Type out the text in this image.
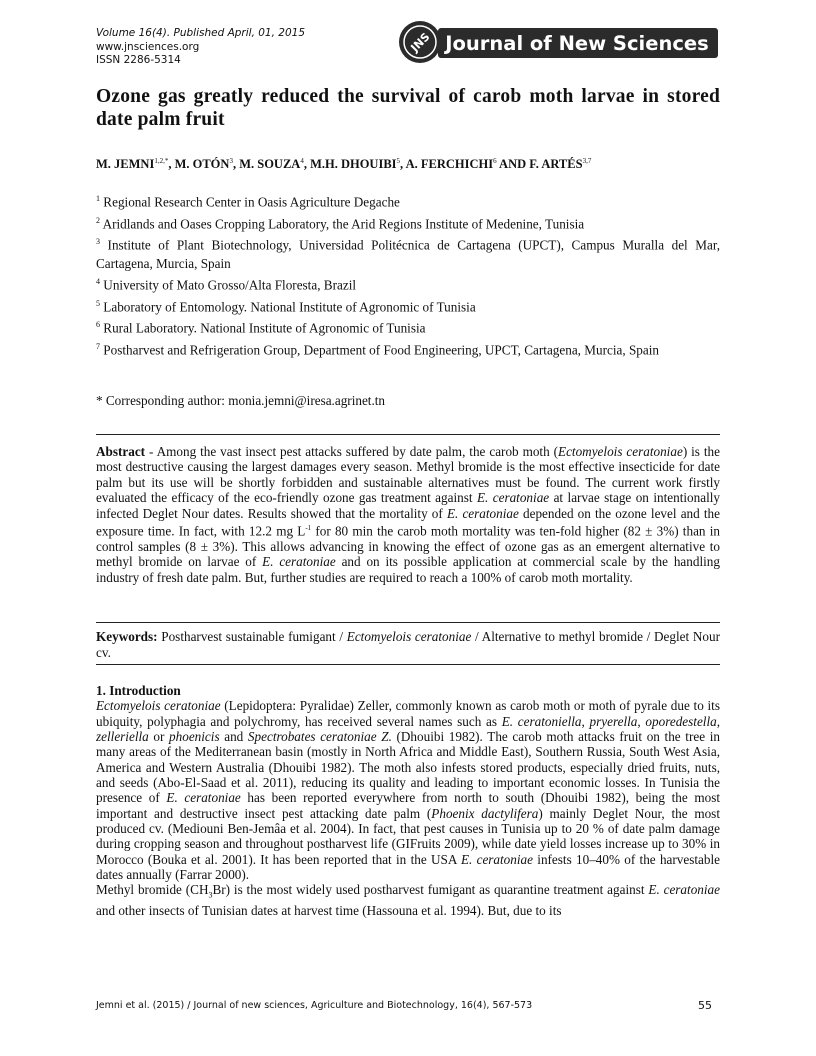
Volume 16(4). Published April, 01, 2015
www.jnsciences.org
ISSN 2286-5314
JNS Journal of New Sciences
Ozone gas greatly reduced the survival of carob moth larvae in stored date palm fruit
M. $JEMNI^{1,2,*}$, M. OTÓN$^3$, M. SOUZA$^4$, M.H. DHOUIBI$^5$, A. FERCHICHI$^6$ AND F. ARTÉS$^{3,7}$
$^1$ Regional Research Center in Oasis Agriculture Degache
$^2$ Aridlands and Oases Cropping Laboratory, the Arid Regions Institute of Medenine, Tunisia
$^3$ Institute of Plant Biotechnology, Universidad Politécnica de Cartagena (UPCT), Campus Muralla del Mar, Cartagena, Murcia, Spain
$^4$ University of Mato Grosso/Alta Floresta, Brazil
$^5$ Laboratory of Entomology. National Institute of Agronomic of Tunisia
$^6$ Rural Laboratory. National Institute of Agronomic of Tunisia
$^7$ Postharvest and Refrigeration Group, Department of Food Engineering, UPCT, Cartagena, Murcia, Spain
* Corresponding author: monia.jemni@iresa.agrinet.tn
Abstract - Among the vast insect pest attacks suffered by date palm, the carob moth (Ectomyelois ceratoniae) is the most destructive causing the largest damages every season. Methyl bromide is the most effective insecticide for date palm but its use will be shortly forbidden and sustainable alternatives must be found. The current work firstly evaluated the efficacy of the eco-friendly ozone gas treatment against E. ceratoniae at larvae stage on intentionally infected Deglet Nour dates. Results showed that the mortality of E. ceratoniae depended on the ozone level and the exposure time. In fact, with 12.2 mg $L^{-1}$ for 80 min the carob moth mortality was ten-fold higher (82 ± 3%) than in control samples (8 ± 3%). This allows advancing in knowing the effect of ozone gas as an emergent alternative to methyl bromide on larvae of E. ceratoniae and on its possible application at commercial scale by the handling industry of fresh date palm. But, further studies are required to reach a 100% of carob moth mortality.
Keywords: Postharvest sustainable fumigant / Ectomyelois ceratoniae / Alternative to methyl bromide / Deglet Nour cv.
1. Introduction

Ectomyelois ceratoniae (Lepidoptera: Pyralidae) Zeller, commonly known as carob moth or moth of pyrale due to its ubiquity, polyphagia and polychromy, has received several names such as E. ceratoniella, pryerella, oporedestella, zelleriella or phoenicis and Spectrobates ceratoniae Z. (Dhouibi 1982). The carob moth attacks fruit on the tree in many areas of the Mediterranean basin (mostly in North Africa and Middle East), Southern Russia, South West Asia, America and Western Australia (Dhouibi 1982). The moth also infests stored products, especially dried fruits, nuts, and seeds (Abo-El-Saad et al. 2011), reducing its quality and leading to important economic losses. In Tunisia the presence of E. ceratoniae has been reported everywhere from north to south (Dhouibi 1982), being the most important and destructive insect pest attacking date palm (Phoenix dactylifera) mainly Deglet Nour, the most produced cv. (Mediouni Ben-Jemâa et al. 2004). In fact, that pest causes in Tunisia up to 20 % of date palm damage during cropping season and throughout postharvest life (GIFruits 2009), while date yield losses increase up to 30% in Morocco (Bouka et al. 2001). It has been reported that in the USA E. ceratoniae infests 10–40% of the harvestable dates annually (Farrar 2000).

Methyl bromide $(CH_3Br)$ is the most widely used postharvest fumigant as quarantine treatment against E. ceratoniae and other insects of Tunisian dates at harvest time (Hassouna et al. 1994). But, due to its

Jemni et al. (2015) / Journal of new sciences, Agriculture and Biotechnology, 16(4), 567-573	55
